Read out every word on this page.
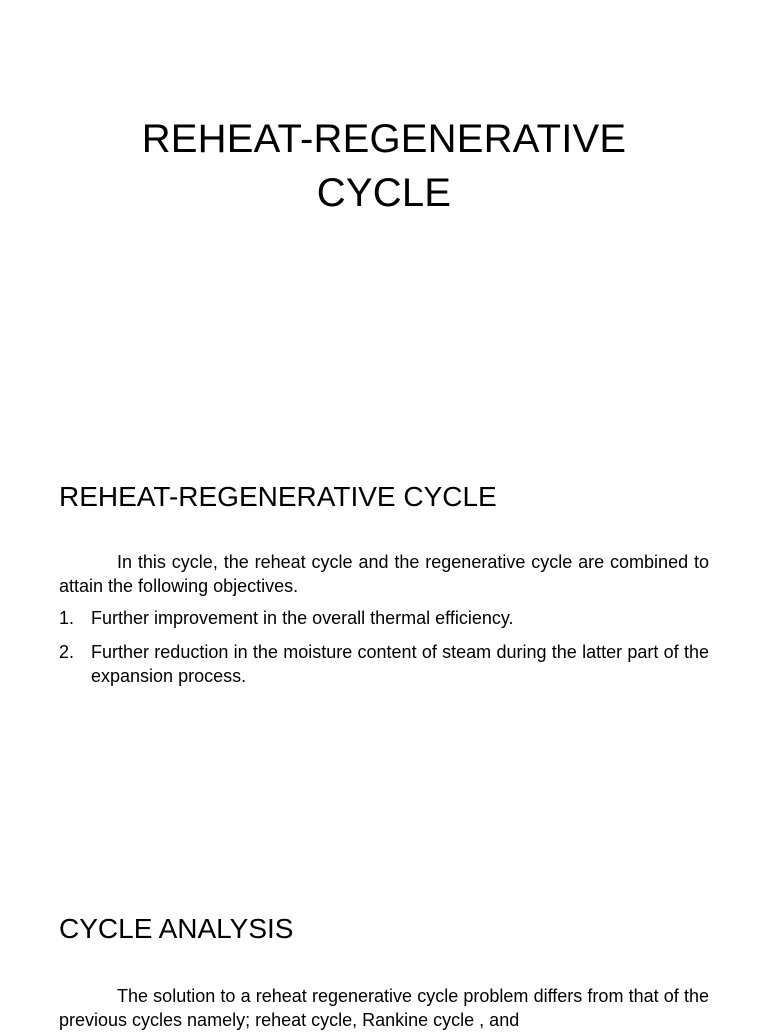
REHEAT-REGENERATIVE
CYCLE
REHEAT-REGENERATIVE CYCLE

In this cycle, the reheat cycle and the regenerative cycle are combined to attain the following objectives.

1. Further improvement in the overall thermal efficiency.
2. Further reduction in the moisture content of steam during the latter part of the expansion process.
CYCLE ANALYSIS

The solution to a reheat regenerative cycle problem differs from that of the previous cycles namely; reheat cycle, Rankine cycle , and
